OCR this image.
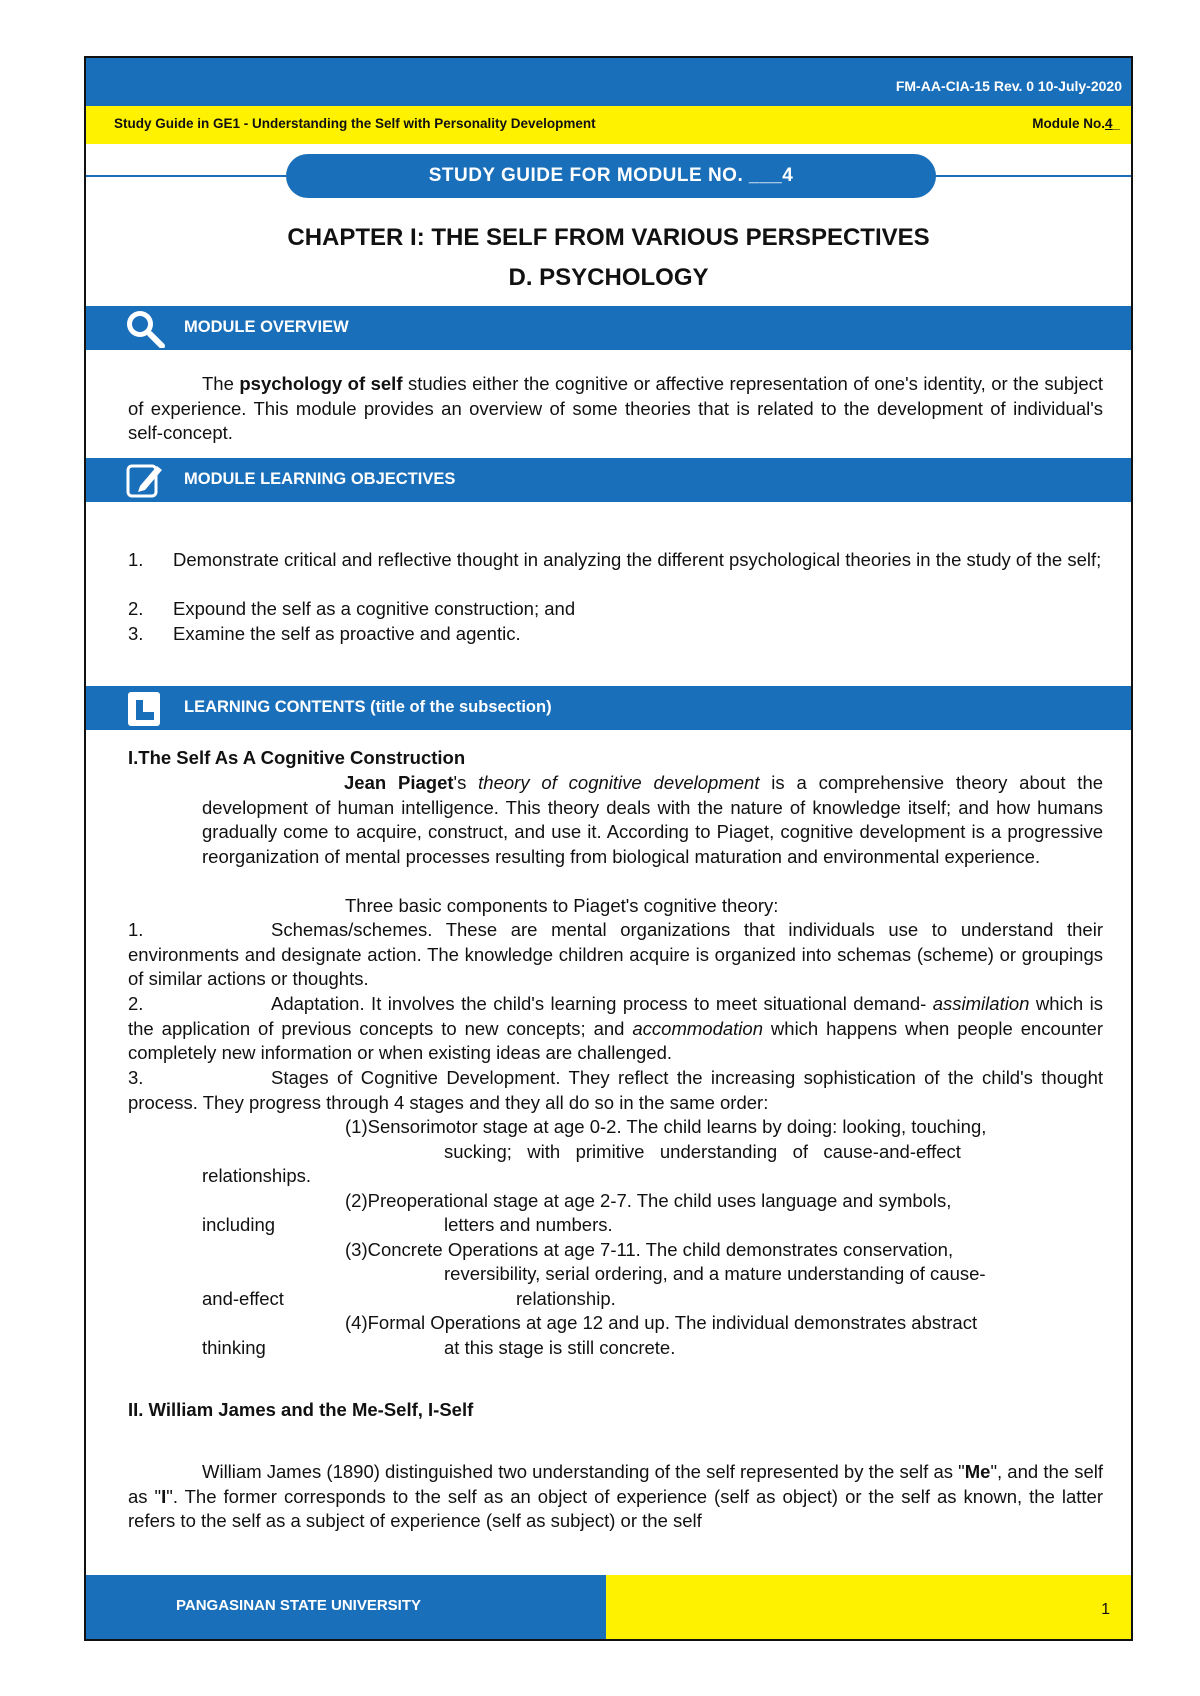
FM-AA-CIA-15 Rev. 0 10-July-2020
Study Guide in GE1 - Understanding the Self with Personality Development	Module No.4_
STUDY GUIDE FOR MODULE NO. ___4
CHAPTER I: THE SELF FROM VARIOUS PERSPECTIVES
D. PSYCHOLOGY
MODULE OVERVIEW
The psychology of self studies either the cognitive or affective representation of one's identity, or the subject of experience. This module provides an overview of some theories that is related to the development of individual's self-concept.
MODULE LEARNING OBJECTIVES
1.	Demonstrate critical and reflective thought in analyzing the different psychological theories in the study of the self;
2.	Expound the self as a cognitive construction; and
3.	Examine the self as proactive and agentic.
LEARNING CONTENTS (title of the subsection)
I.The Self As A Cognitive Construction
Jean Piaget's theory of cognitive development is a comprehensive theory about the development of human intelligence. This theory deals with the nature of knowledge itself; and how humans gradually come to acquire, construct, and use it. According to Piaget, cognitive development is a progressive reorganization of mental processes resulting from biological maturation and environmental experience.
Three basic components to Piaget's cognitive theory:
1.	Schemas/schemes. These are mental organizations that individuals use to understand their environments and designate action. The knowledge children acquire is organized into schemas (scheme) or groupings of similar actions or thoughts.
2.	Adaptation. It involves the child's learning process to meet situational demand- assimilation which is the application of previous concepts to new concepts; and accommodation which happens when people encounter completely new information or when existing ideas are challenged.
3.	Stages of Cognitive Development. They reflect the increasing sophistication of the child's thought process. They progress through 4 stages and they all do so in the same order:
(1)Sensorimotor stage at age 0-2. The child learns by doing: looking, touching,
sucking;   with   primitive   understanding   of   cause-and-effect
relationships.
(2)Preoperational stage at age 2-7. The child uses language and symbols,
including	letters and numbers.
(3)Concrete Operations at age 7-11. The child demonstrates conservation,
reversibility, serial ordering, and a mature understanding of cause-
and-effect	relationship.
(4)Formal Operations at age 12 and up. The individual demonstrates abstract
thinking	at this stage is still concrete.
II. William James and the Me-Self, I-Self
William James (1890) distinguished two understanding of the self represented by the self as "Me", and the self as "I". The former corresponds to the self as an object of experience (self as object) or the self as known, the latter refers to the self as a subject of experience (self as subject) or the self
PANGASINAN STATE UNIVERSITY	1
